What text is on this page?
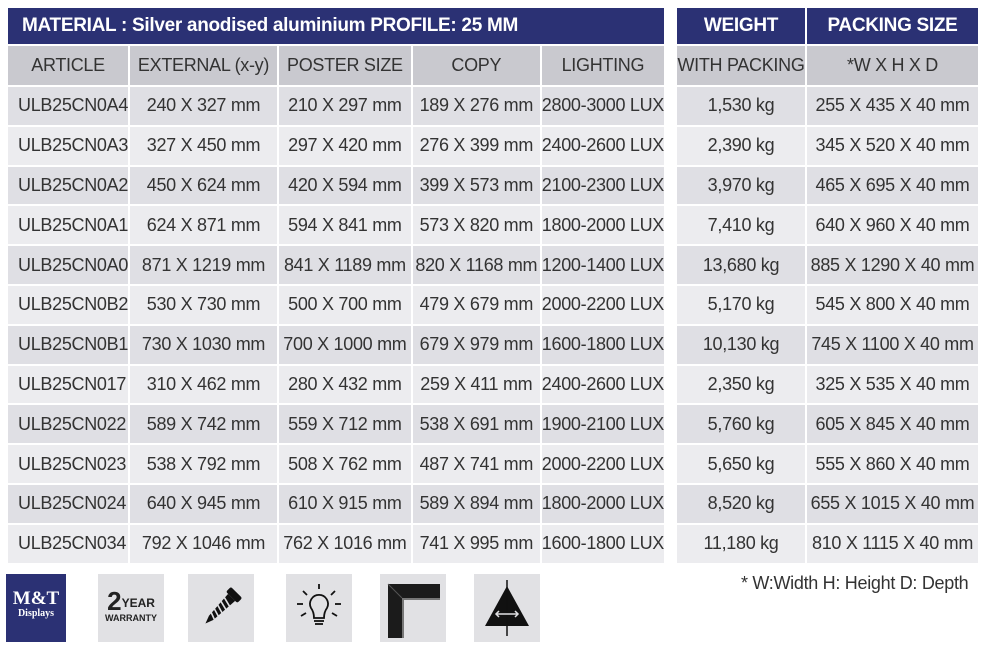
MATERIAL : Silver anodised aluminium PROFILE: 25 MM				
ARTICLE	EXTERNAL (x-y)	POSTER SIZE	COPY	LIGHTING
ULB25CN0A4	240 X 327 mm	210 X 297 mm	189 X 276 mm	2800-3000 LUX
ULB25CN0A3	327 X 450 mm	297 X 420 mm	276 X 399 mm	2400-2600 LUX
ULB25CN0A2	450 X 624 mm	420 X 594 mm	399 X 573 mm	2100-2300 LUX
ULB25CN0A1	624 X 871 mm	594 X 841 mm	573 X 820 mm	1800-2000 LUX
ULB25CN0A0	871 X 1219 mm	841 X 1189 mm	820 X 1168 mm	1200-1400 LUX
ULB25CN0B2	530 X 730 mm	500 X 700 mm	479 X 679 mm	2000-2200 LUX
ULB25CN0B1	730 X 1030 mm	700 X 1000 mm	679 X 979 mm	1600-1800 LUX
ULB25CN017	310 X 462 mm	280 X 432 mm	259 X 411 mm	2400-2600 LUX
ULB25CN022	589 X 742 mm	559 X 712 mm	538 X 691 mm	1900-2100 LUX
ULB25CN023	538 X 792 mm	508 X 762 mm	487 X 741 mm	2000-2200 LUX
ULB25CN024	640 X 945 mm	610 X 915 mm	589 X 894 mm	1800-2000 LUX
ULB25CN034	792 X 1046 mm	762 X 1016 mm	741 X 995 mm	1600-1800 LUX
WEIGHT	PACKING SIZE
WITH PACKING	*W X H X D
1,530 kg	255 X 435 X 40 mm
2,390 kg	345 X 520 X 40 mm
3,970 kg	465 X 695 X 40 mm
7,410 kg	640 X 960 X 40 mm
13,680 kg	885 X 1290 X 40 mm
5,170 kg	545 X 800 X 40 mm
10,130 kg	745 X 1100 X 40 mm
2,350 kg	325 X 535 X 40 mm
5,760 kg	605 X 845 X 40 mm
5,650 kg	555 X 860 X 40 mm
8,520 kg	655 X 1015 X 40 mm
11,180 kg	810 X 1115 X 40 mm
M&T
Displays	2YEAR
WARRANTY
* W:Width H: Height D: Depth
